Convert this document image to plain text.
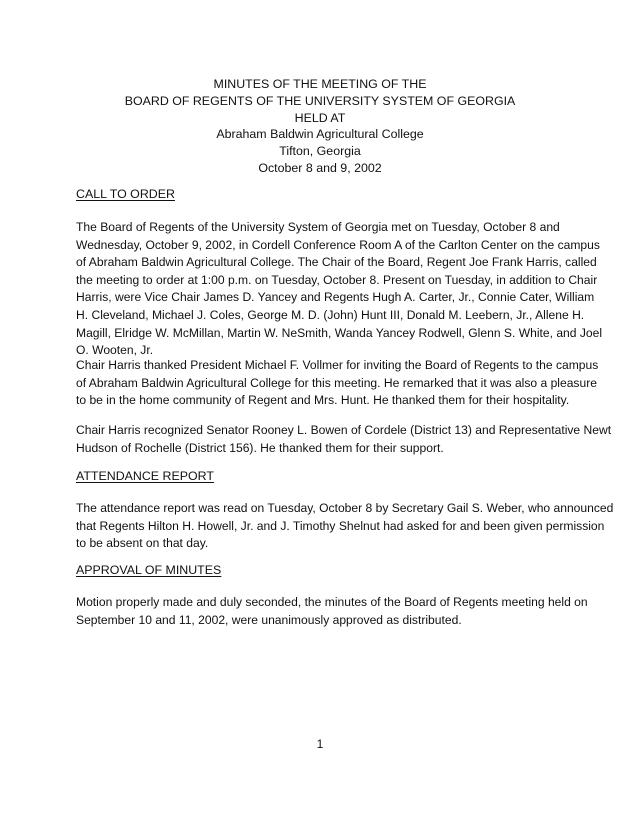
MINUTES OF THE MEETING OF THE
BOARD OF REGENTS OF THE UNIVERSITY SYSTEM OF GEORGIA
HELD AT
Abraham Baldwin Agricultural College
Tifton, Georgia
October 8 and 9, 2002
CALL TO ORDER
The Board of Regents of the University System of Georgia met on Tuesday, October 8 and
Wednesday, October 9, 2002, in Cordell Conference Room A of the Carlton Center on the campus
of Abraham Baldwin Agricultural College. The Chair of the Board, Regent Joe Frank Harris, called
the meeting to order at 1:00 p.m. on Tuesday, October 8. Present on Tuesday, in addition to Chair
Harris, were Vice Chair James D. Yancey and Regents Hugh A. Carter, Jr., Connie Cater, William
H. Cleveland, Michael J. Coles, George M. D. (John) Hunt III, Donald M. Leebern, Jr., Allene H.
Magill, Elridge W. McMillan, Martin W. NeSmith, Wanda Yancey Rodwell, Glenn S. White, and Joel
O. Wooten, Jr.
Chair Harris thanked President Michael F. Vollmer for inviting the Board of Regents to the campus
of Abraham Baldwin Agricultural College for this meeting. He remarked that it was also a pleasure
to be in the home community of Regent and Mrs. Hunt. He thanked them for their hospitality.
Chair Harris recognized Senator Rooney L. Bowen of Cordele (District 13) and Representative Newt
Hudson of Rochelle (District 156). He thanked them for their support.
ATTENDANCE REPORT
The attendance report was read on Tuesday, October 8 by Secretary Gail S. Weber, who announced
that Regents Hilton H. Howell, Jr. and J. Timothy Shelnut had asked for and been given permission
to be absent on that day.
APPROVAL OF MINUTES
Motion properly made and duly seconded, the minutes of the Board of Regents meeting held on
September 10 and 11, 2002, were unanimously approved as distributed.
1
